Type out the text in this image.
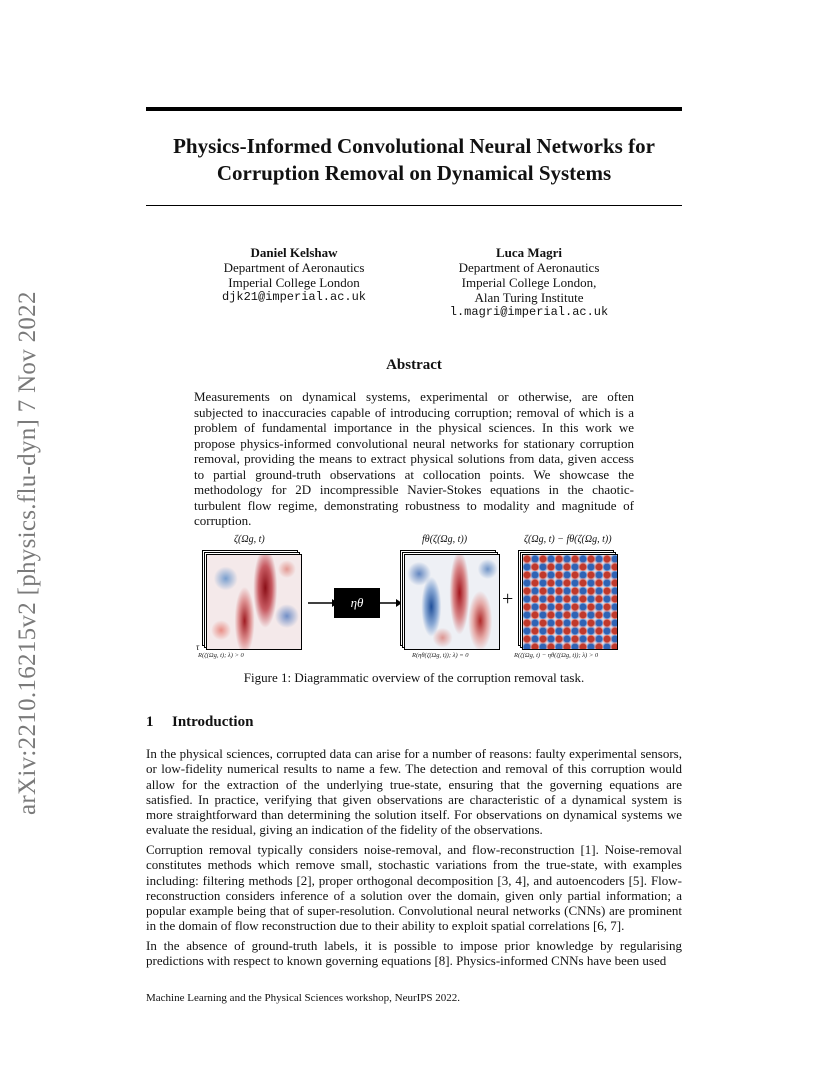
arXiv:2210.16215v2 [physics.flu-dyn] 7 Nov 2022
Physics-Informed Convolutional Neural Networks for
Corruption Removal on Dynamical Systems
Daniel Kelshaw
Department of Aeronautics
Imperial College London
djk21@imperial.ac.uk
Luca Magri
Department of Aeronautics
Imperial College London,
Alan Turing Institute
l.magri@imperial.ac.uk
Abstract
Measurements on dynamical systems, experimental or otherwise, are often subjected to inaccuracies capable of introducing corruption; removal of which is a problem of fundamental importance in the physical sciences. In this work we propose physics-informed convolutional neural networks for stationary corruption removal, providing the means to extract physical solutions from data, given access to partial ground-truth observations at collocation points. We showcase the methodology for 2D incompressible Navier-Stokes equations in the chaotic-turbulent flow regime, demonstrating robustness to modality and magnitude of corruption.
ζ(Ωg, t)	fθ(ζ(Ωg, t))	ζ(Ωg, t) − fθ(ζ(Ωg, t))
τ
ηθ	+
R(ζ(Ωg, t); λ) > 0	R(ηθ(ζ(Ωg, t)); λ) = 0	R(ζ(Ωg, t) − ηθ(ζ(Ωg, t)); λ) > 0
Figure 1: Diagrammatic overview of the corruption removal task.
1 Introduction

In the physical sciences, corrupted data can arise for a number of reasons: faulty experimental sensors, or low-fidelity numerical results to name a few. The detection and removal of this corruption would allow for the extraction of the underlying true-state, ensuring that the governing equations are satisfied. In practice, verifying that given observations are characteristic of a dynamical system is more straightforward than determining the solution itself. For observations on dynamical systems we evaluate the residual, giving an indication of the fidelity of the observations.

Corruption removal typically considers noise-removal, and flow-reconstruction [1]. Noise-removal constitutes methods which remove small, stochastic variations from the true-state, with examples including: filtering methods [2], proper orthogonal decomposition [3, 4], and autoencoders [5]. Flow-reconstruction considers inference of a solution over the domain, given only partial information; a popular example being that of super-resolution. Convolutional neural networks (CNNs) are prominent in the domain of flow reconstruction due to their ability to exploit spatial correlations [6, 7].

In the absence of ground-truth labels, it is possible to impose prior knowledge by regularising predictions with respect to known governing equations [8]. Physics-informed CNNs have been used

Machine Learning and the Physical Sciences workshop, NeurIPS 2022.
